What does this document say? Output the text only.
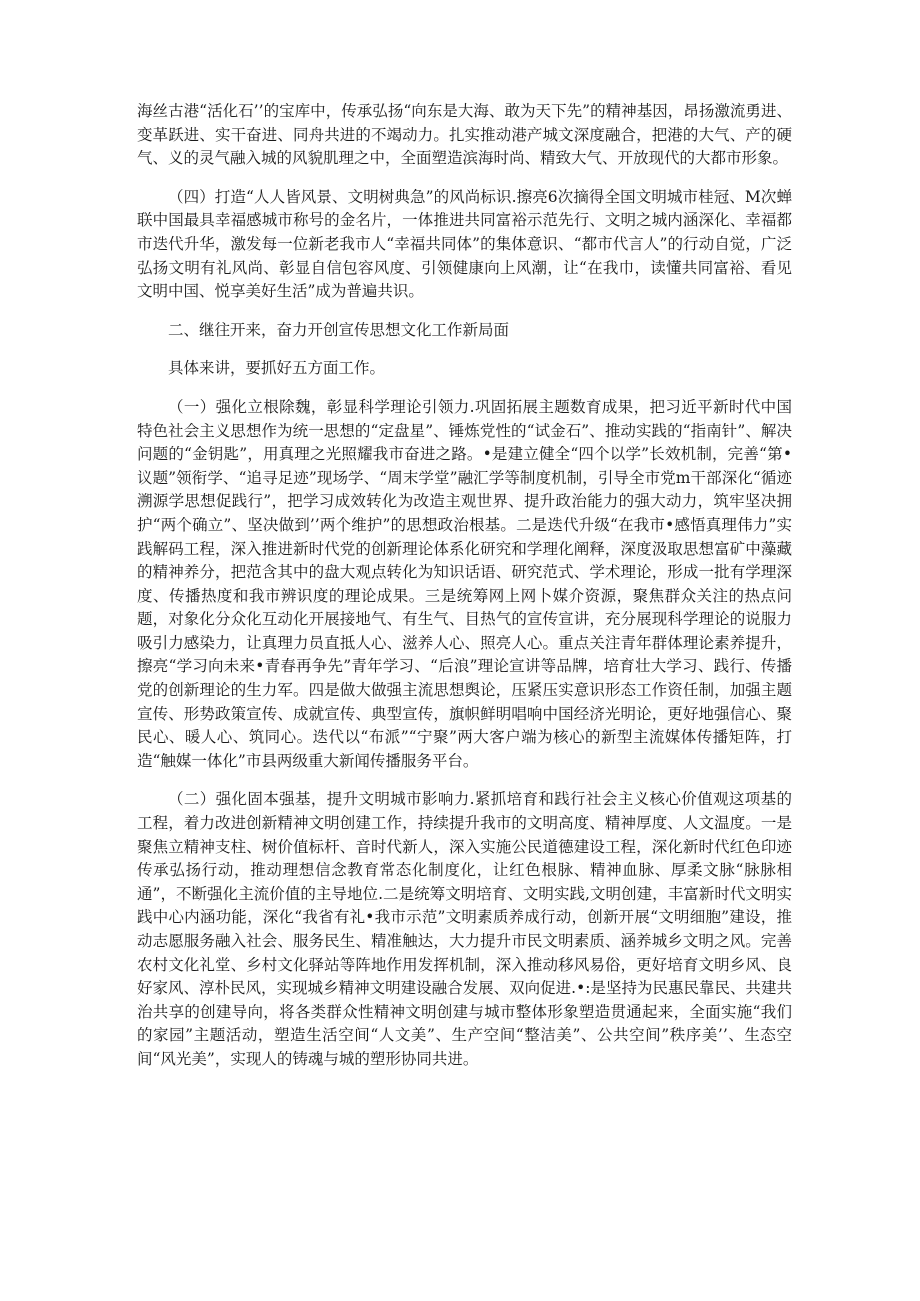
海丝古港“活化石’’的宝库中，传承弘扬“向东是大海、敢为天下先”的精神基因，昂扬激流勇进、变革跃进、实干奋进、同舟共进的不竭动力。扎实推动港产城文深度融合，把港的大气、产的硬气、义的灵气融入城的风貌肌理之中，全面塑造滨海时尚、精致大气、开放现代的大都市形象。

（四）打造“人人皆风景、文明树典急”的风尚标识.擦亮6次摘得全国文明城市桂冠、M次蝉联中国最具幸福感城市称号的金名片，一体推进共同富裕示范先行、文明之城内涵深化、幸福都市迭代升华，激发每一位新老我市人“幸福共同体”的集体意识、“都市代言人”的行动自觉，广泛弘扬文明有礼风尚、彰显自信包容风度、引领健康向上风潮，让“在我巾，读懂共同富裕、看见文明中国、悦享美好生活”成为普遍共识。

二、继往开来，奋力开创宣传思想文化工作新局面

具体来讲，要抓好五方面工作。

（一）强化立根除魏，彰显科学理论引领力.巩固拓展主题数育成果，把习近平新时代中国特色社会主义思想作为统一思想的“定盘星”、锤炼党性的“试金石”、推动实践的“指南针”、解决问题的“金钥匙”，用真理之光照耀我市奋进之路。•是建立健全“四个以学”长效机制，完善“第•议题”领衔学、“追寻足迹”现场学、“周末学堂”融汇学等制度机制，引导全市党m干部深化“循迹溯源学思想促践行”，把学习成效转化为改造主观世界、提升政治能力的强大动力，筑牢坚决拥护“两个确立”、坚决做到’’两个维护”的思想政治根基。二是迭代升级“在我市•感悟真理伟力”实践解码工程，深入推进新时代党的创新理论体系化研究和学理化阐释，深度汲取思想富矿中藻藏的精神养分，把范含其中的盘大观点转化为知识话语、研究范式、学术理论，形成一批有学理深度、传播热度和我市辨识度的理论成果。三是统筹网上网卜媒介资源，聚焦群众关注的热点问题，对象化分众化互动化开展接地气、有生气、目热气的宣传宣讲，充分展现科学理论的说服力吸引力感染力，让真理力员直抵人心、滋养人心、照亮人心。重点关注青年群体理论素养提升，擦亮“学习向未来•青春再争先”青年学习、“后浪”理论宣讲等品牌，培育壮大学习、践行、传播党的创新理论的生力军。四是做大做强主流思想舆论，压紧压实意识形态工作资任制，加强主题宣传、形势政策宣传、成就宣传、典型宣传，旗帜鲜明唱响中国经济光明论，更好地强信心、聚民心、暖人心、筑同心。迭代以“布派”“宁聚”两大客户端为核心的新型主流媒体传播矩阵，打造“触媒一体化”市县两级重大新闻传播服务平台。

（二）强化固本强基，提升文明城市影响力.紧抓培育和践行社会主义核心价值观这项基的工程，着力改进创新精神文明创建工作，持续提升我市的文明高度、精神厚度、人文温度。一是聚焦立精神支柱、树价值标杆、音时代新人，深入实施公民道德建设工程，深化新时代红色印迹传承弘扬行动，推动理想信念教育常态化制度化，让红色根脉、精神血脉、厚柔文脉“脉脉相通”，不断强化主流价值的主导地位.二是统筹文明培育、文明实践,文明创建，丰富新时代文明实践中心内涵功能，深化“我省有礼•我市示范”文明素质养成行动，创新开展“文明细胞”建设，推动志愿服务融入社会、服务民生、精准触达，大力提升市民文明素质、涵养城乡文明之风。完善农村文化礼堂、乡村文化驿站等阵地作用发挥机制，深入推动移风易俗，更好培育文明乡风、良好家风、淳朴民风，实现城乡精神文明建设融合发展、双向促进.•:是坚持为民惠民靠民、共建共治共享的创建导向，将各类群众性精神文明创建与城市整体形象塑造贯通起来，全面实施“我们的家园”主题活动，塑造生活空间“人文美”、生产空间“整洁美”、公共空间”秩序美’’、生态空间“风光美”，实现人的铸魂与城的塑形协同共进。
